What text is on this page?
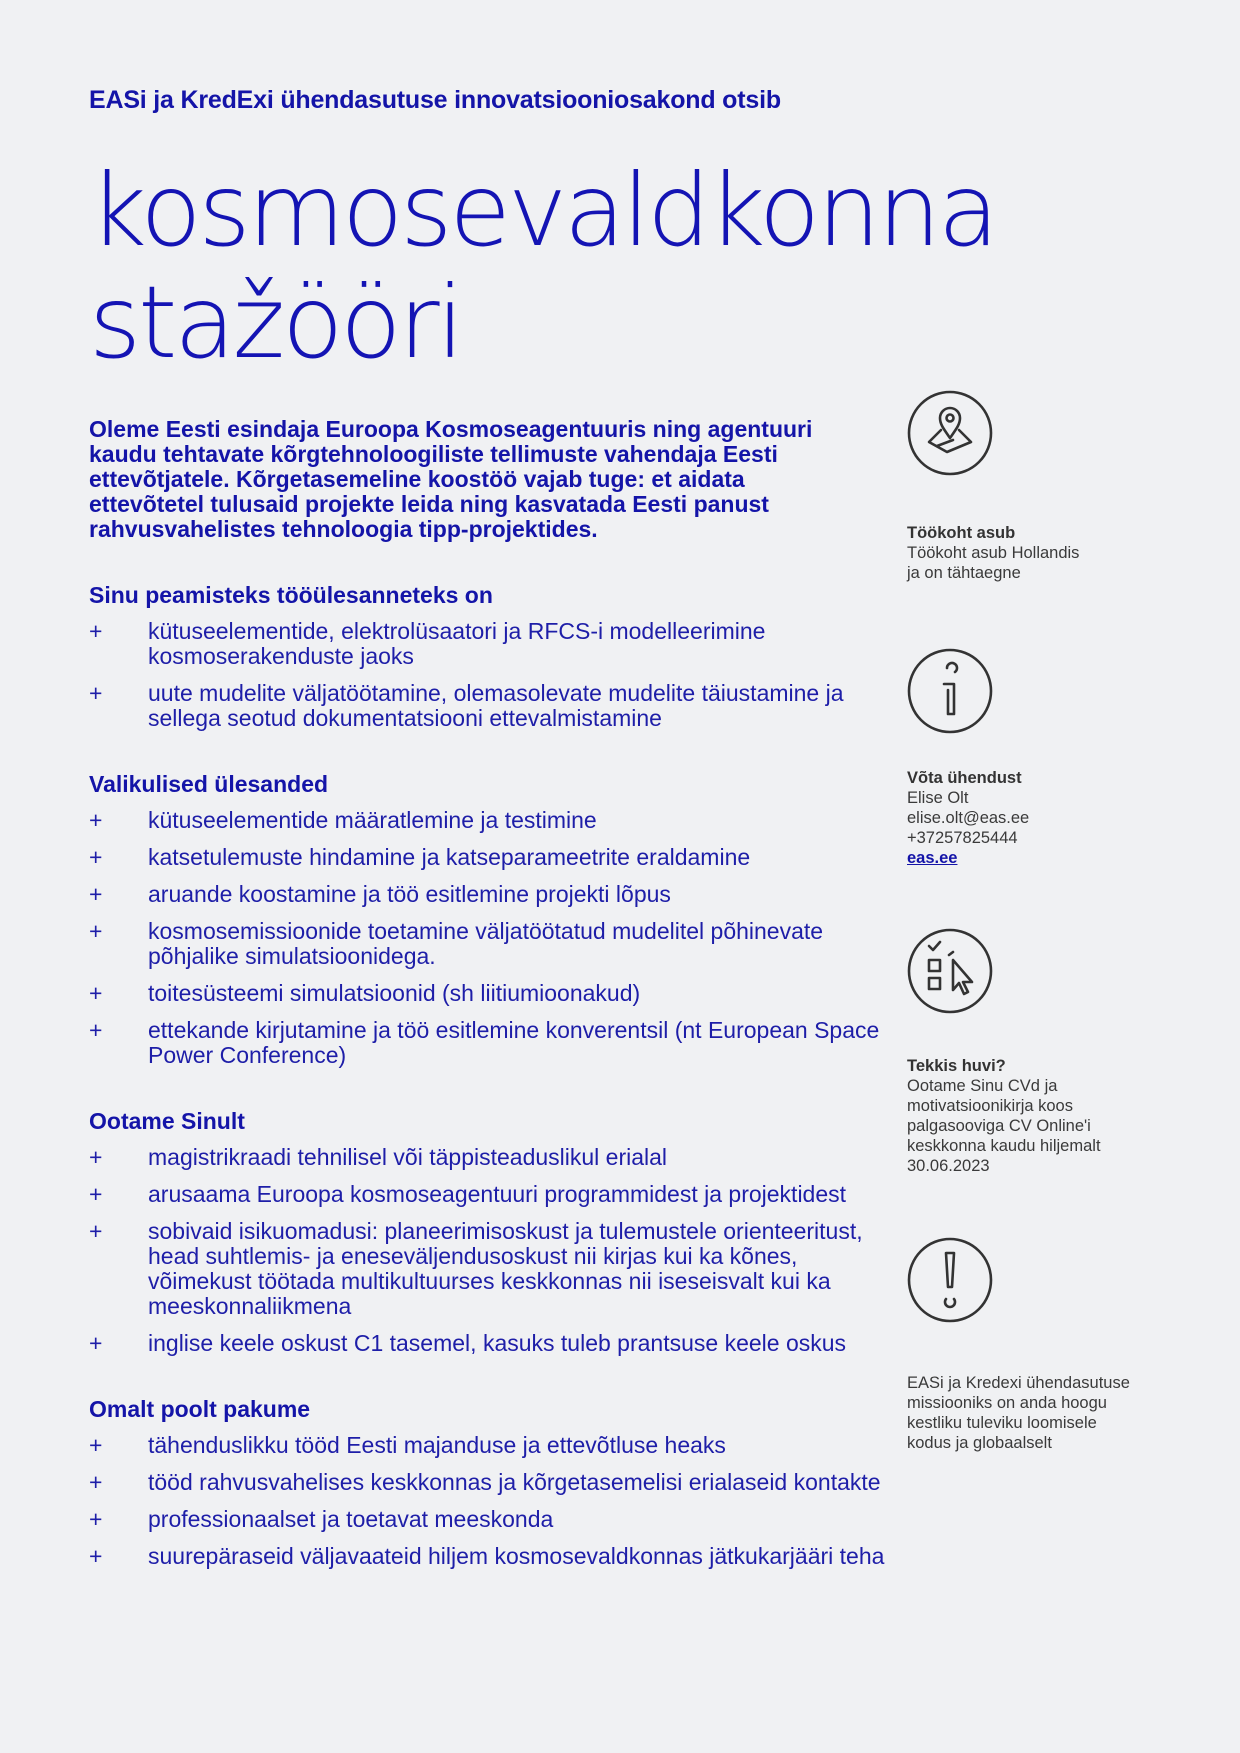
EASi ja KredExi ühendasutuse innovatsiooniosakond otsib

kosmosevaldkonna
stažööri

Oleme Eesti esindaja Euroopa Kosmoseagentuuris ning agentuuri kaudu tehtavate kõrgtehnoloogiliste tellimuste vahendaja Eesti ettevõtjatele. Kõrgetasemeline koostöö vajab tuge: et aidata ettevõtetel tulusaid projekte leida ning kasvatada Eesti panust rahvusvahelistes tehnoloogia tipp-projektides.

Sinu peamisteks tööülesanneteks on
+	kütuseelementide, elektrolüsaatori ja RFCS-i modelleerimine kosmoserakenduste jaoks
+	uute mudelite väljatöötamine, olemasolevate mudelite täiustamine ja sellega seotud dokumentatsiooni ettevalmistamine
Valikulised ülesanded
+	kütuseelementide määratlemine ja testimine
+	katsetulemuste hindamine ja katseparameetrite eraldamine
+	aruande koostamine ja töö esitlemine projekti lõpus
+	kosmosemissioonide toetamine väljatöötatud mudelitel põhinevate põhjalike simulatsioonidega.
+	toitesüsteemi simulatsioonid (sh liitiumioonakud)
+	ettekande kirjutamine ja töö esitlemine konverentsil (nt European Space Power Conference)
Ootame Sinult
+	magistrikraadi tehnilisel või täppisteaduslikul erialal
+	arusaama Euroopa kosmoseagentuuri programmidest ja projektidest
+	sobivaid isikuomadusi: planeerimisoskust ja tulemustele orienteeritust, head suhtlemis- ja eneseväljendusoskust nii kirjas kui ka kõnes, võimekust töötada multikultuurses keskkonnas nii iseseisvalt kui ka meeskonnaliikmena
+	inglise keele oskust C1 tasemel, kasuks tuleb prantsuse keele oskus
Omalt poolt pakume
+	tähenduslikku tööd Eesti majanduse ja ettevõtluse heaks
+	tööd rahvusvahelises keskkonnas ja kõrgetasemelisi erialaseid kontakte
+	professionaalset ja toetavat meeskonda
+	suurepäraseid väljavaateid hiljem kosmosevaldkonnas jätkukarjääri teha
Töökoht asub
Töökoht asub Hollandis
ja on tähtaegne
Võta ühendust
Elise Olt
elise.olt@eas.ee
+37257825444
eas.ee
Tekkis huvi?
Ootame Sinu CVd ja
motivatsioonikirja koos
palgasooviga CV Online'i
keskkonna kaudu hiljemalt
30.06.2023
EASi ja Kredexi ühendasutuse
missiooniks on anda hoogu
kestliku tuleviku loomisele
kodus ja globaalselt
